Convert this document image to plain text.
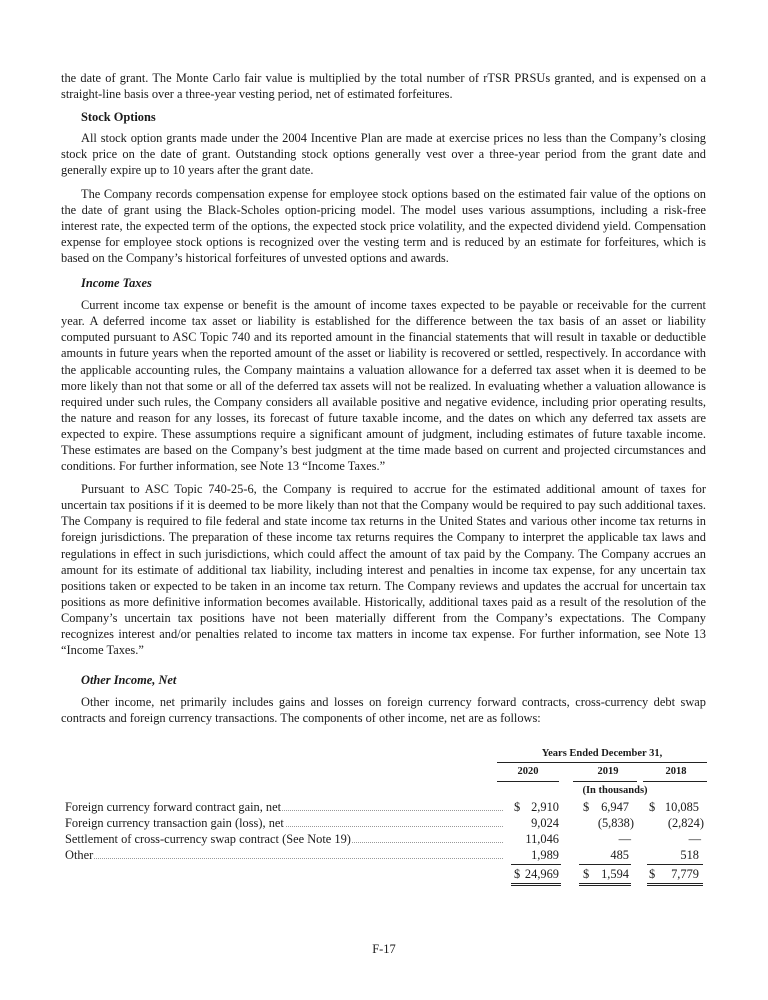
the date of grant. The Monte Carlo fair value is multiplied by the total number of rTSR PRSUs granted, and is expensed on a straight-line basis over a three-year vesting period, net of estimated forfeitures.

Stock Options

All stock option grants made under the 2004 Incentive Plan are made at exercise prices no less than the Company’s closing stock price on the date of grant. Outstanding stock options generally vest over a three-year period from the grant date and generally expire up to 10 years after the grant date.

The Company records compensation expense for employee stock options based on the estimated fair value of the options on the date of grant using the Black-Scholes option-pricing model. The model uses various assumptions, including a risk-free interest rate, the expected term of the options, the expected stock price volatility, and the expected dividend yield. Compensation expense for employee stock options is recognized over the vesting term and is reduced by an estimate for forfeitures, which is based on the Company’s historical forfeitures of unvested options and awards.

Income Taxes

Current income tax expense or benefit is the amount of income taxes expected to be payable or receivable for the current year. A deferred income tax asset or liability is established for the difference between the tax basis of an asset or liability computed pursuant to ASC Topic 740 and its reported amount in the financial statements that will result in taxable or deductible amounts in future years when the reported amount of the asset or liability is recovered or settled, respectively. In accordance with the applicable accounting rules, the Company maintains a valuation allowance for a deferred tax asset when it is deemed to be more likely than not that some or all of the deferred tax assets will not be realized. In evaluating whether a valuation allowance is required under such rules, the Company considers all available positive and negative evidence, including prior operating results, the nature and reason for any losses, its forecast of future taxable income, and the dates on which any deferred tax assets are expected to expire. These assumptions require a significant amount of judgment, including estimates of future taxable income. These estimates are based on the Company’s best judgment at the time made based on current and projected circumstances and conditions. For further information, see Note 13 “Income Taxes.”

Pursuant to ASC Topic 740-25-6, the Company is required to accrue for the estimated additional amount of taxes for uncertain tax positions if it is deemed to be more likely than not that the Company would be required to pay such additional taxes. The Company is required to file federal and state income tax returns in the United States and various other income tax returns in foreign jurisdictions. The preparation of these income tax returns requires the Company to interpret the applicable tax laws and regulations in effect in such jurisdictions, which could affect the amount of tax paid by the Company. The Company accrues an amount for its estimate of additional tax liability, including interest and penalties in income tax expense, for any uncertain tax positions taken or expected to be taken in an income tax return. The Company reviews and updates the accrual for uncertain tax positions as more definitive information becomes available. Historically, additional taxes paid as a result of the resolution of the Company’s uncertain tax positions have not been materially different from the Company’s expectations. The Company recognizes interest and/or penalties related to income tax matters in income tax expense. For further information, see Note 13 “Income Taxes.”

Other Income, Net

Other income, net primarily includes gains and losses on foreign currency forward contracts, cross-currency debt swap contracts and foreign currency transactions. The components of other income, net are as follows:

Years Ended December 31,
2020	2019	2018
(In thousands)
Foreign currency forward contract gain, net	$ 2,910 $ 6,947 $ 10,085
Foreign currency transaction gain (loss), net	9,024	(5,838)	(2,824)
Settlement of cross-currency swap contract (See Note 19)	11,046	—	—
Other	1,989	485	518
$ 24,969 $ 1,594 $	7,779
F-17
